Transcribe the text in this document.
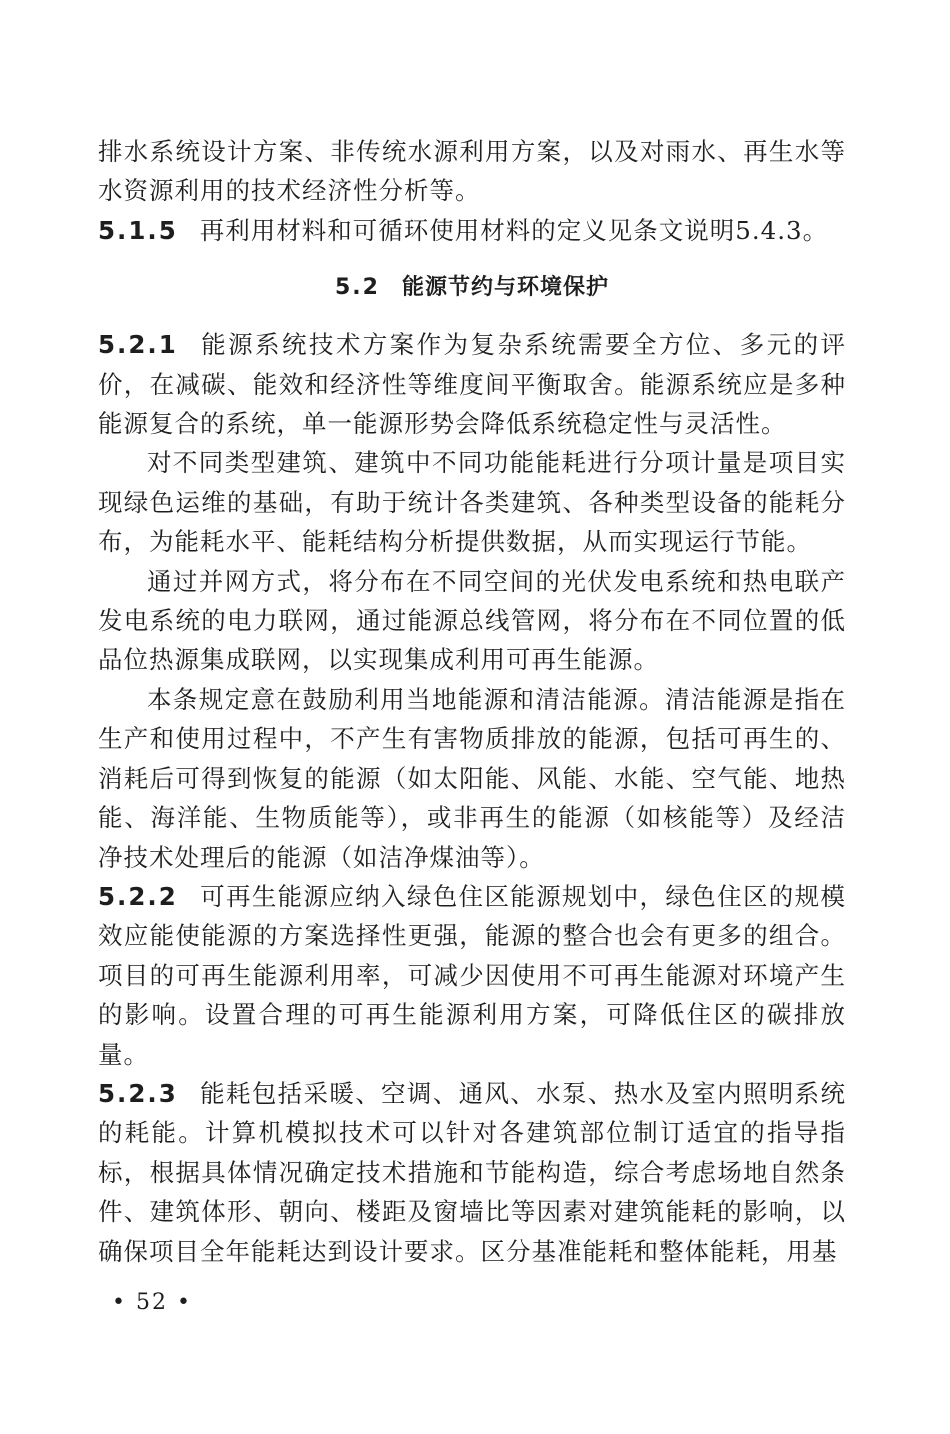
排水系统设计方案、非传统水源利用方案，以及对雨水、再生水等水资源利用的技术经济性分析等。

5.1.5 再利用材料和可循环使用材料的定义见条文说明5.4.3。

5.2 能源节约与环境保护

5.2.1 能源系统技术方案作为复杂系统需要全方位、多元的评价，在减碳、能效和经济性等维度间平衡取舍。能源系统应是多种能源复合的系统，单一能源形势会降低系统稳定性与灵活性。

对不同类型建筑、建筑中不同功能能耗进行分项计量是项目实现绿色运维的基础，有助于统计各类建筑、各种类型设备的能耗分布，为能耗水平、能耗结构分析提供数据，从而实现运行节能。

通过并网方式，将分布在不同空间的光伏发电系统和热电联产发电系统的电力联网，通过能源总线管网，将分布在不同位置的低品位热源集成联网，以实现集成利用可再生能源。

本条规定意在鼓励利用当地能源和清洁能源。清洁能源是指在生产和使用过程中，不产生有害物质排放的能源，包括可再生的、消耗后可得到恢复的能源（如太阳能、风能、水能、空气能、地热能、海洋能、生物质能等），或非再生的能源（如核能等）及经洁净技术处理后的能源（如洁净煤油等）。

5.2.2 可再生能源应纳入绿色住区能源规划中，绿色住区的规模效应能使能源的方案选择性更强，能源的整合也会有更多的组合。项目的可再生能源利用率，可减少因使用不可再生能源对环境产生的影响。设置合理的可再生能源利用方案，可降低住区的碳排放量。

5.2.3 能耗包括采暖、空调、通风、水泵、热水及室内照明系统的耗能。计算机模拟技术可以针对各建筑部位制订适宜的指导指标，根据具体情况确定技术措施和节能构造，综合考虑场地自然条件、建筑体形、朝向、楼距及窗墙比等因素对建筑能耗的影响，以确保项目全年能耗达到设计要求。区分基准能耗和整体能耗，用基

• 52 •
